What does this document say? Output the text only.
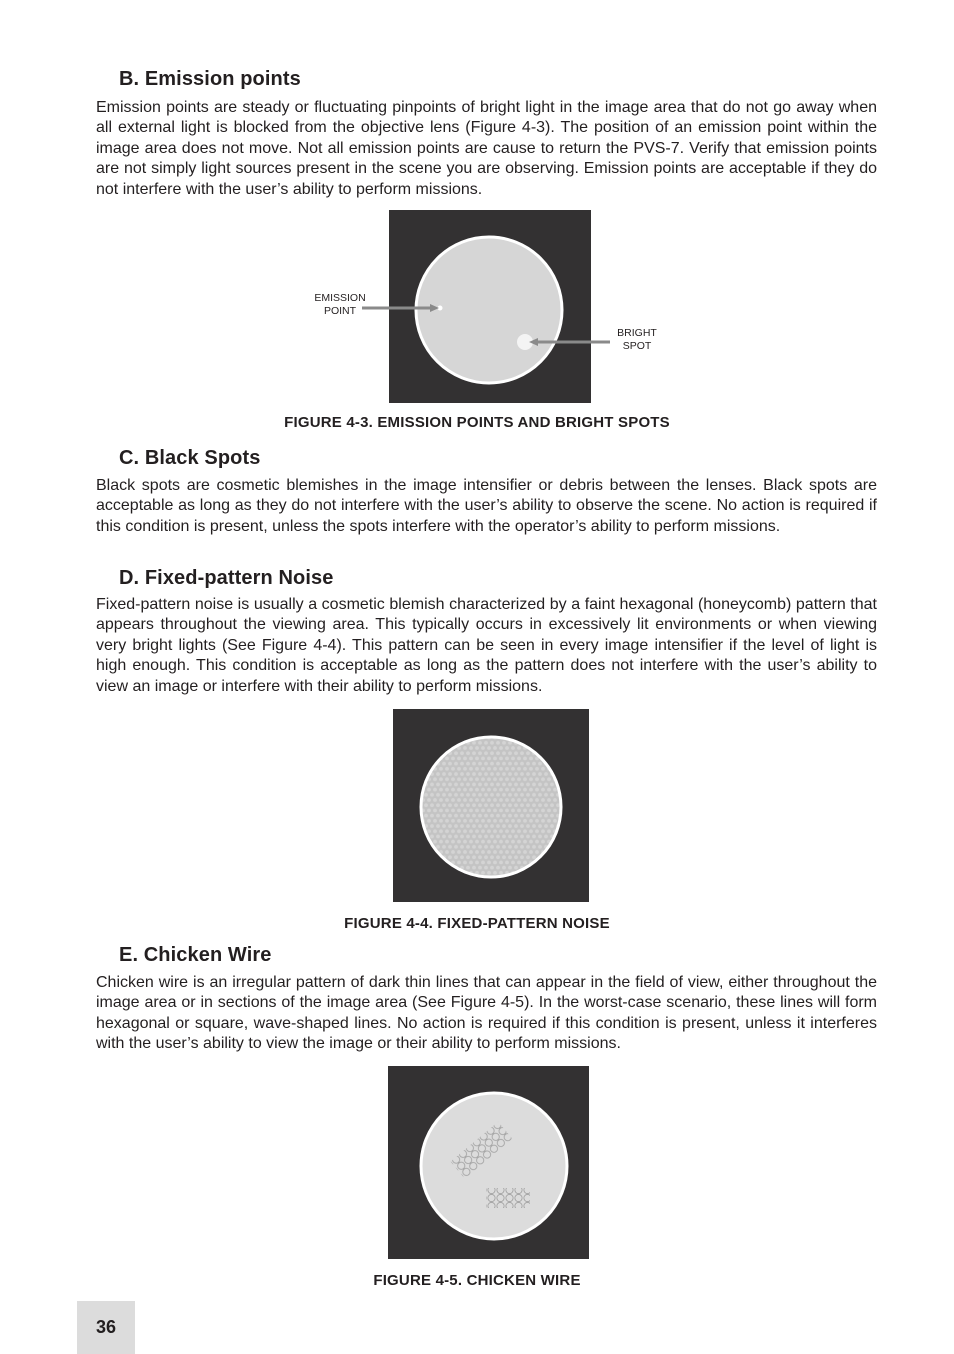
B. Emission points

Emission points are steady or fluctuating pinpoints of bright light in the image area that do not go away when all external light is blocked from the objective lens (Figure 4-3). The position of an emission point within the image area does not move. Not all emission points are cause to return the PVS-7. Verify that emission points are not simply light sources present in the scene you are observing. Emission points are acceptable if they do not interfere with the user’s ability to perform missions.

EMISSION
POINT
BRIGHT
SPOT

FIGURE 4-3. EMISSION POINTS AND BRIGHT SPOTS

C. Black Spots

Black spots are cosmetic blemishes in the image intensifier or debris between the lenses. Black spots are acceptable as long as they do not interfere with the user’s ability to observe the scene. No action is required if this condition is present, unless the spots interfere with the operator’s ability to perform missions.

D. Fixed-pattern Noise

Fixed-pattern noise is usually a cosmetic blemish characterized by a faint hexagonal (honeycomb) pattern that appears throughout the viewing area. This typically occurs in excessively lit environments or when viewing very bright lights (See Figure 4-4). This pattern can be seen in every image intensifier if the level of light is high enough. This condition is acceptable as long as the pattern does not interfere with the user’s ability to view an image or interfere with their ability to perform missions.

FIGURE 4-4. FIXED-PATTERN NOISE

E. Chicken Wire

Chicken wire is an irregular pattern of dark thin lines that can appear in the field of view, either throughout the image area or in sections of the image area (See Figure 4-5). In the worst-case scenario, these lines will form hexagonal or square, wave-shaped lines. No action is required if this condition is present, unless it interferes with the user’s ability to view the image or their ability to perform missions.

FIGURE 4-5. CHICKEN WIRE

36
